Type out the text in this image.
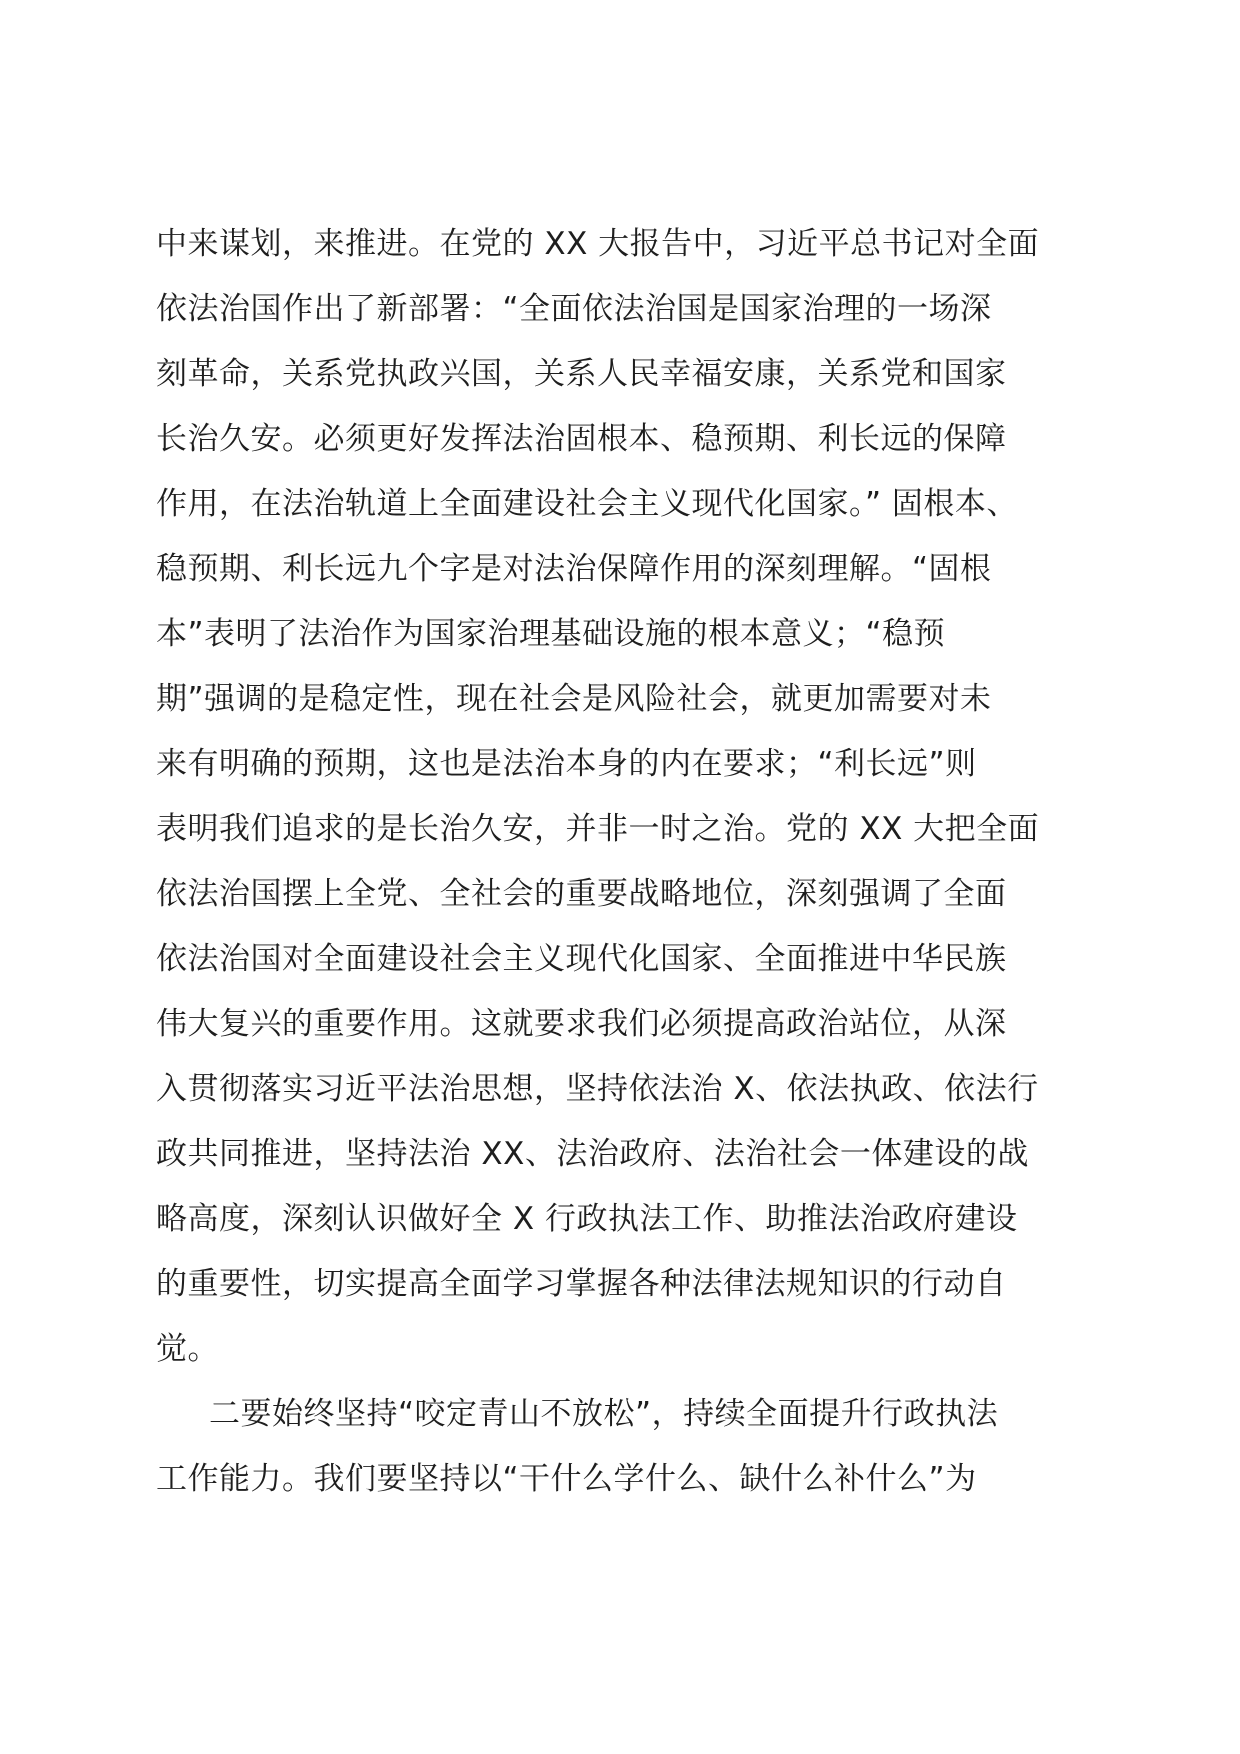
中来谋划，来推进。在党的 XX 大报告中，习近平总书记对全面
依法治国作出了新部署：“全面依法治国是国家治理的一场深
刻革命，关系党执政兴国，关系人民幸福安康，关系党和国家
长治久安。必须更好发挥法治固根本、稳预期、利长远的保障
作用，在法治轨道上全面建设社会主义现代化国家。” 固根本、
稳预期、利长远九个字是对法治保障作用的深刻理解。“固根
本”表明了法治作为国家治理基础设施的根本意义；“稳预
期”强调的是稳定性，现在社会是风险社会，就更加需要对未
来有明确的预期，这也是法治本身的内在要求；“利长远”则
表明我们追求的是长治久安，并非一时之治。党的 XX 大把全面
依法治国摆上全党、全社会的重要战略地位，深刻强调了全面
依法治国对全面建设社会主义现代化国家、全面推进中华民族
伟大复兴的重要作用。这就要求我们必须提高政治站位，从深
入贯彻落实习近平法治思想，坚持依法治 X、依法执政、依法行
政共同推进，坚持法治 XX、法治政府、法治社会一体建设的战
略高度，深刻认识做好全 X 行政执法工作、助推法治政府建设
的重要性，切实提高全面学习掌握各种法律法规知识的行动自
觉。
二要始终坚持“咬定青山不放松”，持续全面提升行政执法
工作能力。我们要坚持以“干什么学什么、缺什么补什么”为
